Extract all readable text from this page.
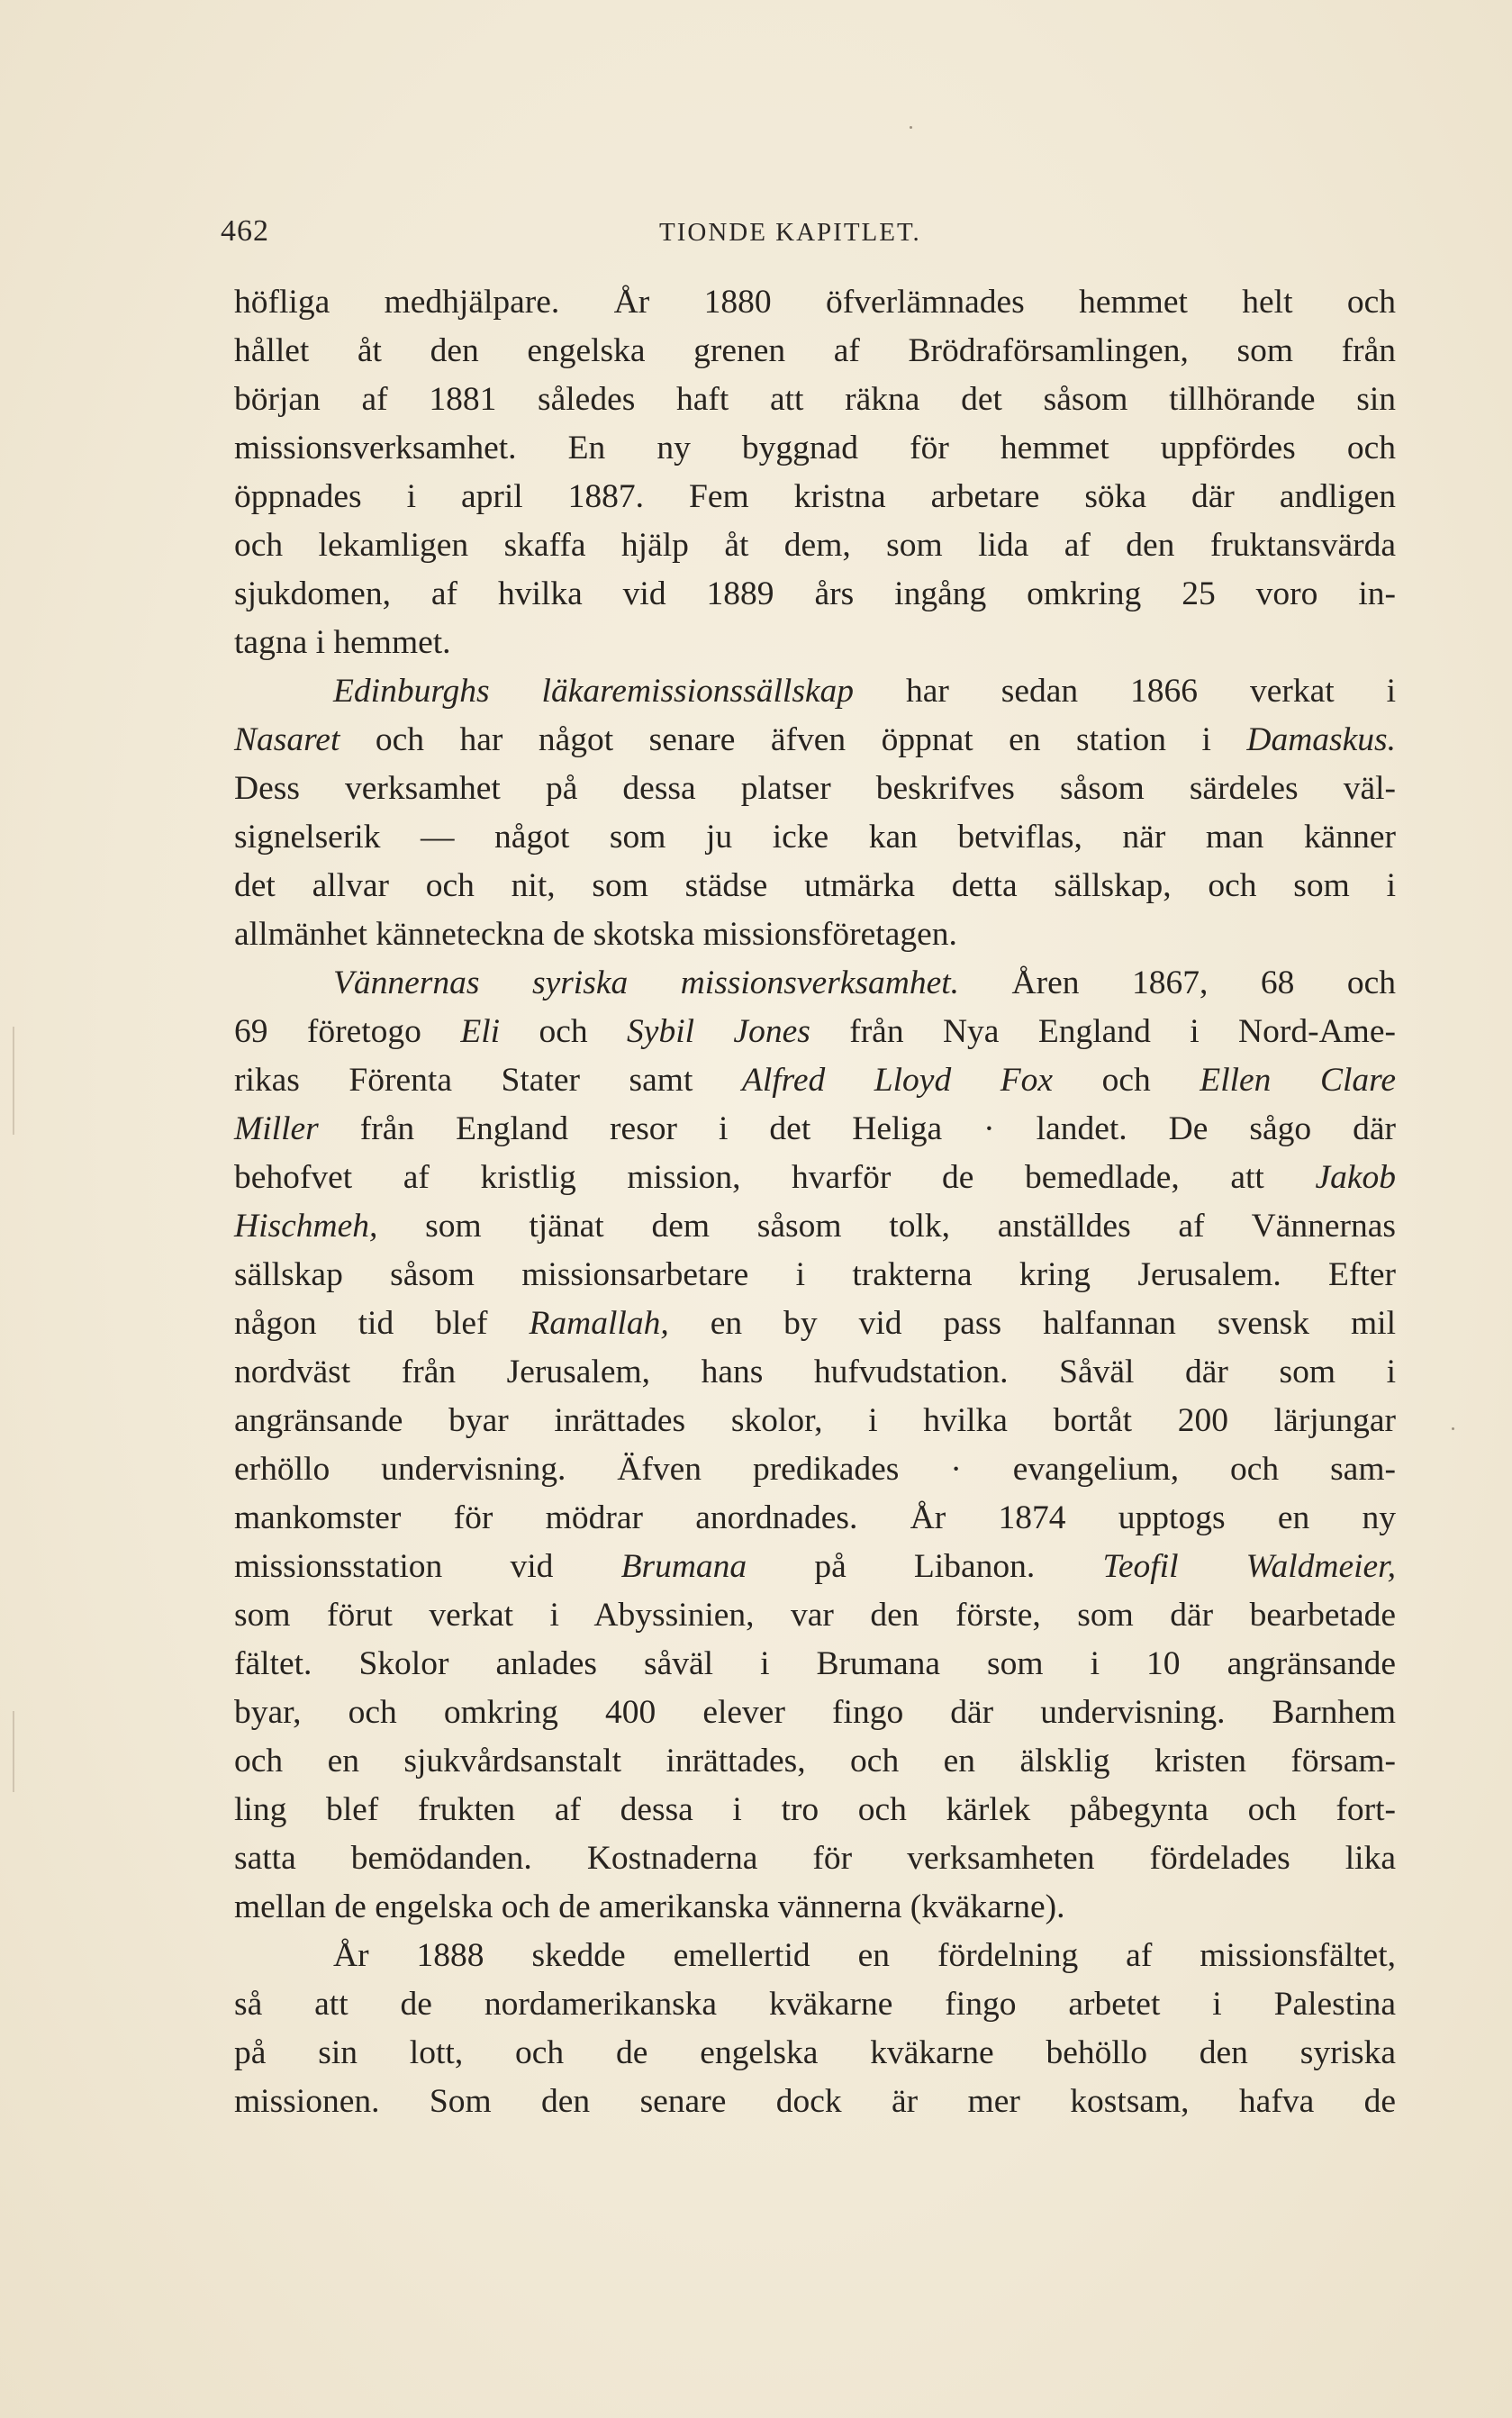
462	TIONDE KAPITLET.
höfliga medhjälpare. År 1880 öfverlämnades hemmet helt och
hållet åt den engelska grenen af Brödraförsamlingen, som från
början af 1881 således haft att räkna det såsom tillhörande sin
missionsverksamhet. En ny byggnad för hemmet uppfördes och
öppnades i april 1887. Fem kristna arbetare söka där andligen
och lekamligen skaffa hjälp åt dem, som lida af den fruktansvärda
sjukdomen, af hvilka vid 1889 års ingång omkring 25 voro in-
tagna i hemmet.
Edinburghs läkaremissionssällskap har sedan 1866 verkat i
Nasaret och har något senare äfven öppnat en station i Damaskus.
Dess verksamhet på dessa platser beskrifves såsom särdeles väl-
signelserik — något som ju icke kan betviflas, när man känner
det allvar och nit, som städse utmärka detta sällskap, och som i
allmänhet känneteckna de skotska missionsföretagen.
Vännernas syriska missionsverksamhet. Åren 1867, 68 och
69 företogo Eli och Sybil Jones från Nya England i Nord-Ame-
rikas Förenta Stater samt Alfred Lloyd Fox och Ellen Clare
Miller från England resor i det Heliga · landet. De sågo där
behofvet af kristlig mission, hvarför de bemedlade, att Jakob
Hischmeh, som tjänat dem såsom tolk, anställdes af Vännernas
sällskap såsom missionsarbetare i trakterna kring Jerusalem. Efter
någon tid blef Ramallah, en by vid pass halfannan svensk mil
nordväst från Jerusalem, hans hufvudstation. Såväl där som i
angränsande byar inrättades skolor, i hvilka bortåt 200 lärjungar
erhöllo undervisning. Äfven predikades · evangelium, och sam-
mankomster för mödrar anordnades. År 1874 upptogs en ny
missionsstation vid Brumana på Libanon. Teofil Waldmeier,
som förut verkat i Abyssinien, var den förste, som där bearbetade
fältet. Skolor anlades såväl i Brumana som i 10 angränsande
byar, och omkring 400 elever fingo där undervisning. Barnhem
och en sjukvårdsanstalt inrättades, och en älsklig kristen försam-
ling blef frukten af dessa i tro och kärlek påbegynta och fort-
satta bemödanden. Kostnaderna för verksamheten fördelades lika
mellan de engelska och de amerikanska vännerna (kväkarne).
År 1888 skedde emellertid en fördelning af missionsfältet,
så att de nordamerikanska kväkarne fingo arbetet i Palestina
på sin lott, och de engelska kväkarne behöllo den syriska
missionen. Som den senare dock är mer kostsam, hafva de
